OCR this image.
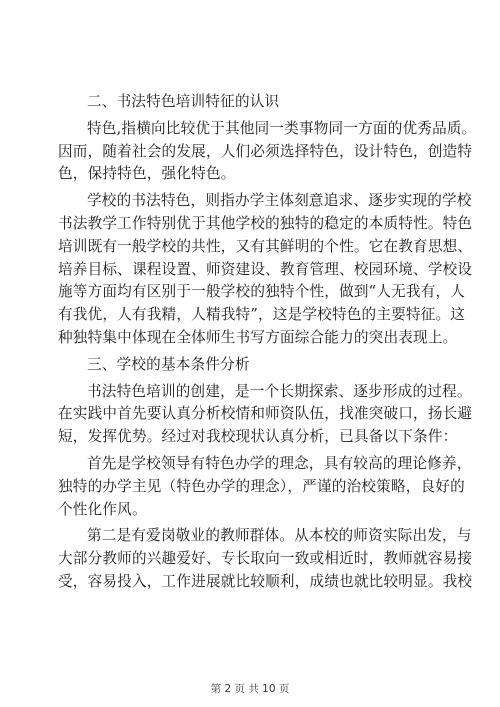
二、书法特色培训特征的认识
特色,指横向比较优于其他同一类事物同一方面的优秀品质。
因而，随着社会的发展，人们必须选择特色，设计特色，创造特
色，保持特色，强化特色。
学校的书法特色，则指办学主体刻意追求、逐步实现的学校
书法教学工作特别优于其他学校的独特的稳定的本质特性。特色
培训既有一般学校的共性，又有其鲜明的个性。它在教育思想、
培养目标、课程设置、师资建设、教育管理、校园环境、学校设
施等方面均有区别于一般学校的独特个性，做到“人无我有，人
有我优，人有我精，人精我特”，这是学校特色的主要特征。这
种独特集中体现在全体师生书写方面综合能力的突出表现上。
三、学校的基本条件分析
书法特色培训的创建，是一个长期探索、逐步形成的过程。
在实践中首先要认真分析校情和师资队伍，找准突破口，扬长避
短，发挥优势。经过对我校现状认真分析，已具备以下条件：
首先是学校领导有特色办学的理念，具有较高的理论修养，
独特的办学主见（特色办学的理念），严谨的治校策略，良好的
个性化作风。
第二是有爱岗敬业的教师群体。从本校的师资实际出发，与
大部分教师的兴趣爱好、专长取向一致或相近时，教师就容易接
受，容易投入，工作进展就比较顺利，成绩也就比较明显。我校
第 2 页 共 10 页
